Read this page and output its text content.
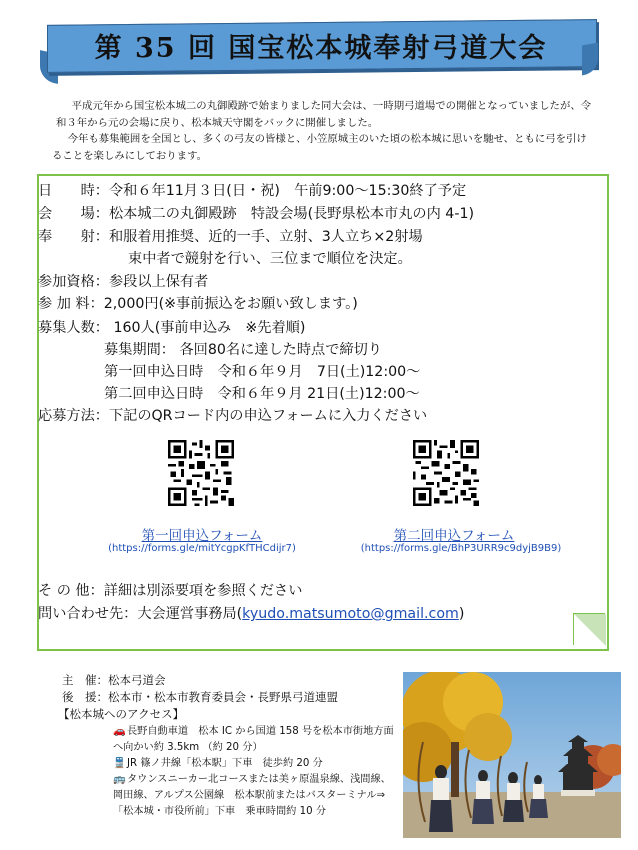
第 35 回 国宝松本城奉射弓道大会

平成元年から国宝松本城二の丸御殿跡で始まりました同大会は、一時期弓道場での開催となっていましたが、令和３年から元の会場に戻り、松本城天守閣をバックに開催しました。

今年も募集範囲を全国とし、多くの弓友の皆様と、小笠原城主のいた頃の松本城に思いを馳せ、ともに弓を引けることを楽しみにしております。

日　　時：令和６年11月３日(日・祝)　午前9:00～15:30終了予定
会　　場：松本城二の丸御殿跡　特設会場(長野県松本市丸の内 4-1)
奉　　射：和服着用推奨、近的一手、立射、3人立ち×2射場
束中者で競射を行い、三位まで順位を決定。
参加資格：参段以上保有者
参 加 料：2,000円(※事前振込をお願い致します。)
募集人数： 160人(事前申込み　※先着順)
募集期間： 各回80名に達した時点で締切り
第一回申込日時　令和６年９月　7日(土)12:00～
第二回申込日時　令和６年９月 21日(土)12:00～
応募方法：下記のQRコード内の申込フォームに入力ください
第一回申込フォーム
(https://forms.gle/mitYcgpKfTHCdijr7)
第二回申込フォーム
(https://forms.gle/BhP3URR9c9dyjB9B9)
そ の 他：詳細は別添要項を参照ください
問い合わせ先：大会運営事務局(kyudo.matsumoto@gmail.com)
主　催：松本弓道会
後　援：松本市・松本市教育委員会・長野県弓道連盟
【松本城へのアクセス】
🚗長野自動車道　松本 IC から国道 158 号を松本市街地方面へ向かい約 3.5km （約 20 分）
🚆JR 篠ノ井線「松本駅」下車　徒歩約 20 分
🚌タウンスニーカー北コースまたは美ヶ原温泉線、浅間線、岡田線、アルプス公園線　松本駅前またはバスターミナル⇒「松本城・市役所前」下車　乗車時間約 10 分
